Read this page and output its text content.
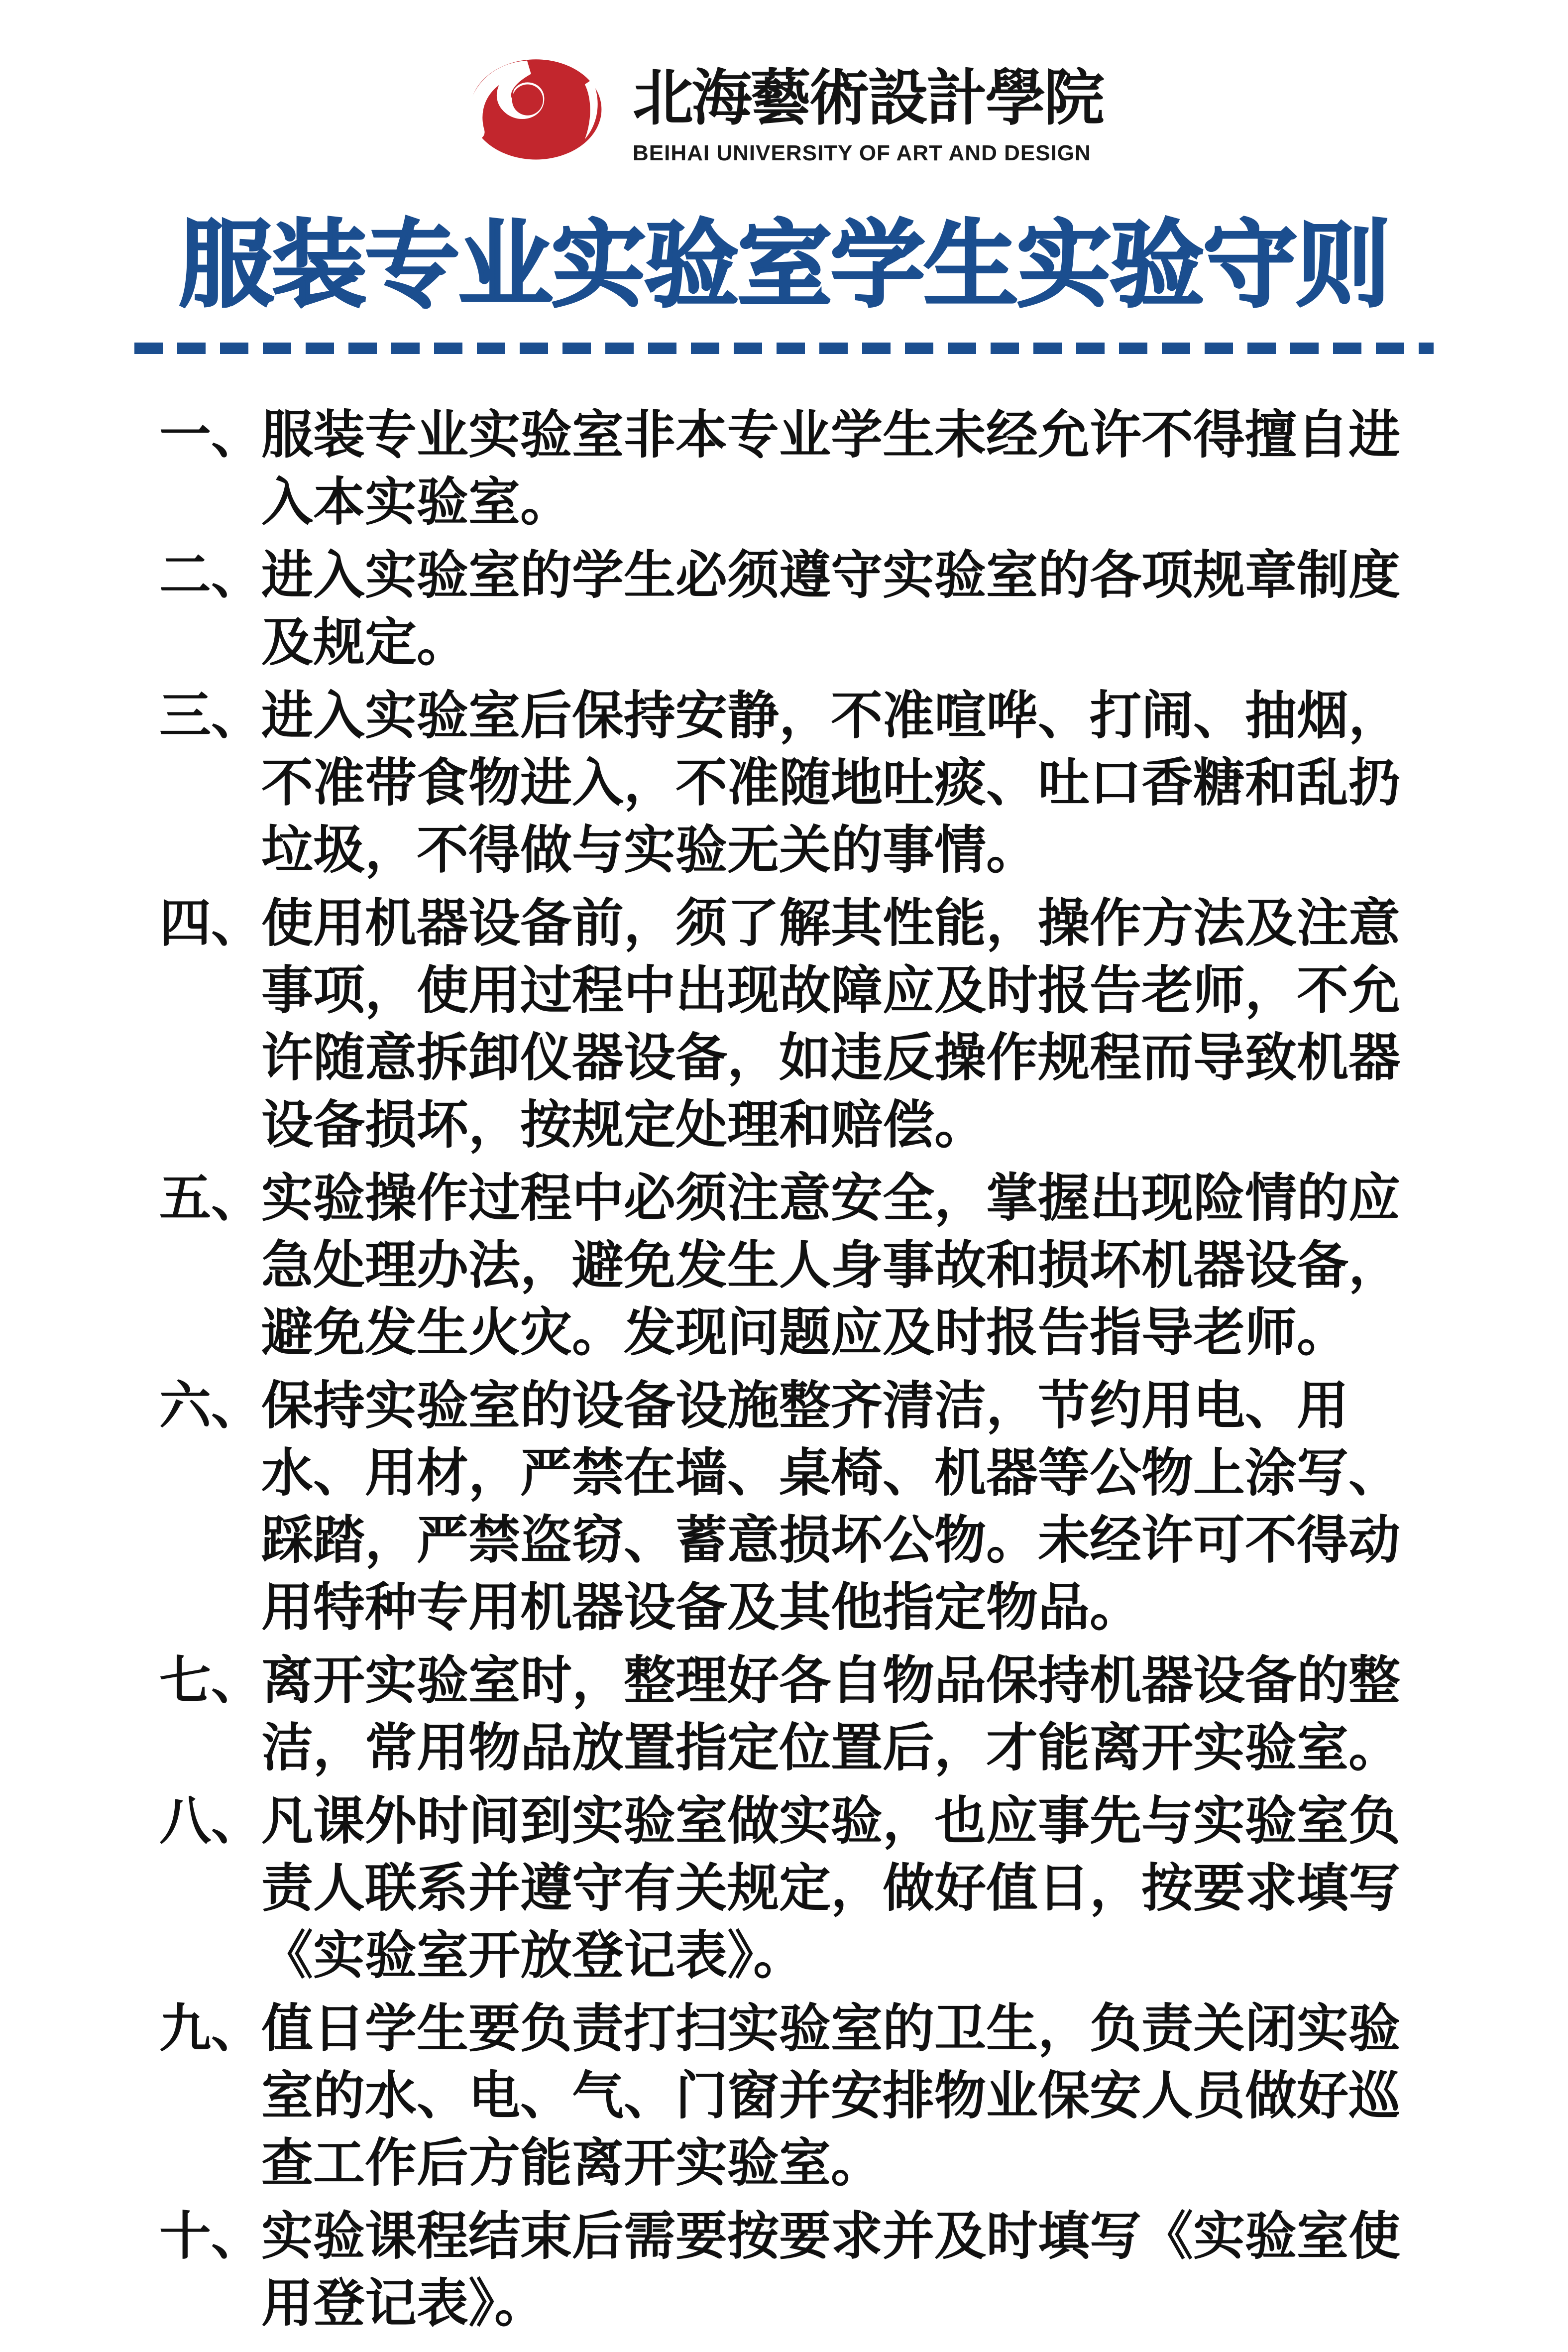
北海藝術設計學院
BEIHAI UNIVERSITY OF ART AND DESIGN
服装专业实验室学生实验守则
一、
服装专业实验室非本专业学生未经允许不得擅自进入本实验室。
二、
进入实验室的学生必须遵守实验室的各项规章制度及规定。
三、
进入实验室后保持安静，不准喧哗、打闹、抽烟，不准带食物进入，不准随地吐痰、吐口香糖和乱扔垃圾，不得做与实验无关的事情。
四、
使用机器设备前，须了解其性能，操作方法及注意事项，使用过程中出现故障应及时报告老师，不允许随意拆卸仪器设备，如违反操作规程而导致机器设备损坏，按规定处理和赔偿。
五、
实验操作过程中必须注意安全，掌握出现险情的应急处理办法，避免发生人身事故和损坏机器设备，避免发生火灾。发现问题应及时报告指导老师。
六、
保持实验室的设备设施整齐清洁，节约用电、用水、用材，严禁在墙、桌椅、机器等公物上涂写、踩踏，严禁盗窃、蓄意损坏公物。未经许可不得动用特种专用机器设备及其他指定物品。
七、
离开实验室时，整理好各自物品保持机器设备的整洁，常用物品放置指定位置后，才能离开实验室。
八、
凡课外时间到实验室做实验，也应事先与实验室负责人联系并遵守有关规定，做好值日，按要求填写《实验室开放登记表》。
九、
值日学生要负责打扫实验室的卫生，负责关闭实验室的水、电、气、门窗并安排物业保安人员做好巡查工作后方能离开实验室。
十、
实验课程结束后需要按要求并及时填写《实验室使用登记表》。
